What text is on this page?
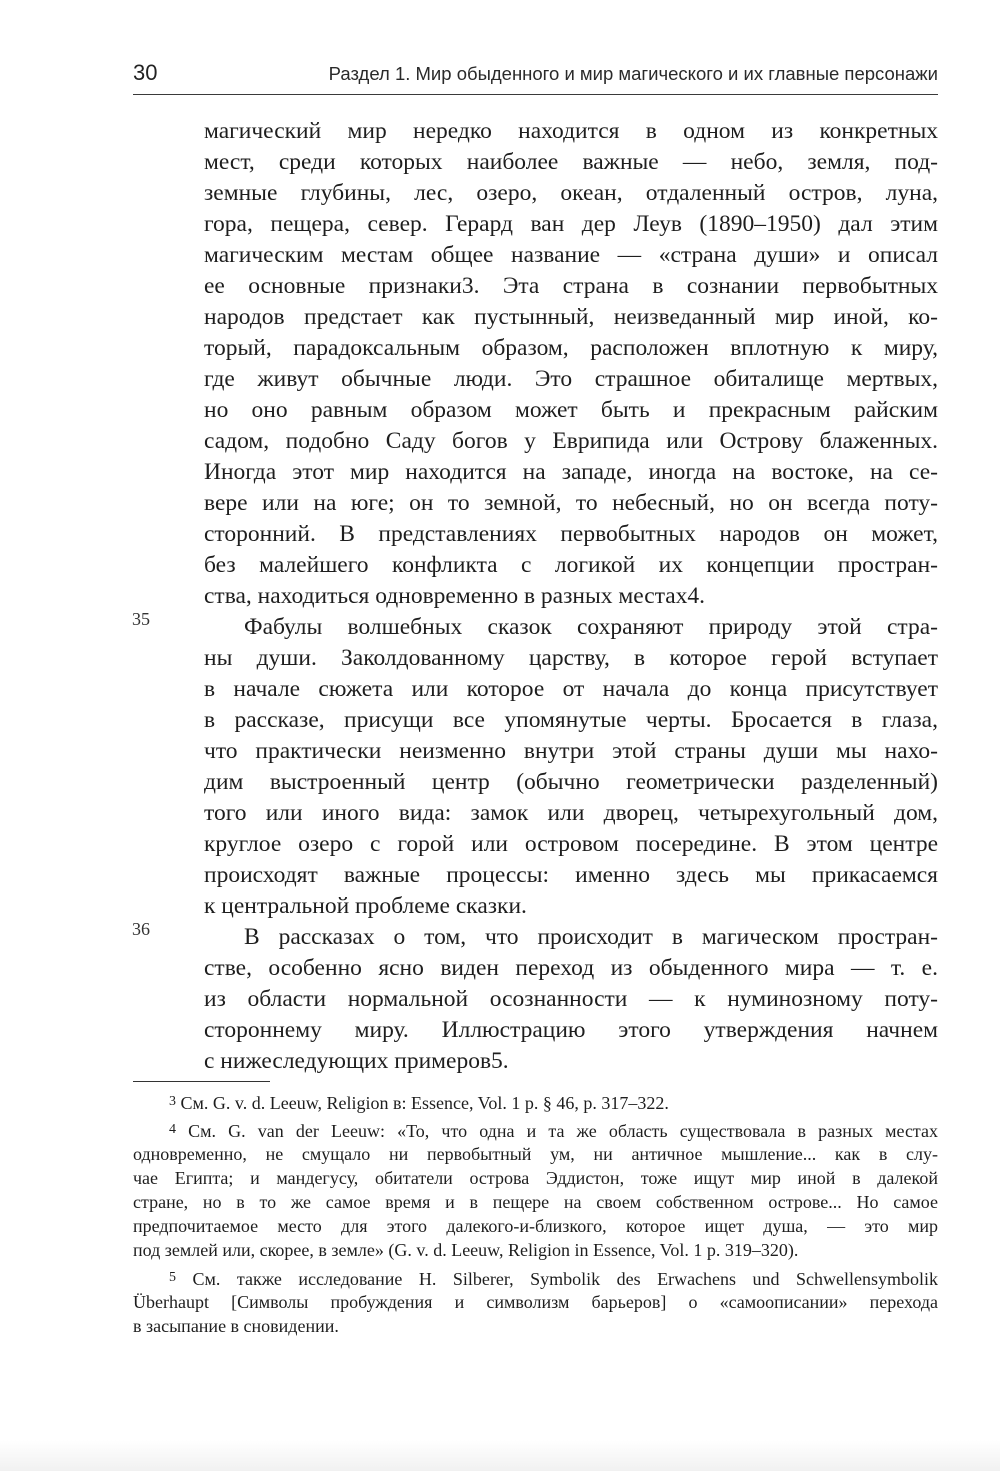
30	Раздел 1. Мир обыденного и мир магического и их главные персонажи
магический мир нередко находится в одном из конкретных
мест, среди которых наиболее важные — небо, земля, под-
земные глубины, лес, озеро, океан, отдаленный остров, луна,
гора, пещера, север. Герард ван дер Леув (1890–1950) дал этим
магическим местам общее название — «страна души» и описал
ее основные признаки3. Эта страна в сознании первобытных
народов предстает как пустынный, неизведанный мир иной, ко-
торый, парадоксальным образом, расположен вплотную к миру,
где живут обычные люди. Это страшное обиталище мертвых,
но оно равным образом может быть и прекрасным райским
садом, подобно Саду богов у Еврипида или Острову блаженных.
Иногда этот мир находится на западе, иногда на востоке, на се-
вере или на юге; он то земной, то небесный, но он всегда поту-
сторонний. В представлениях первобытных народов он может,
без малейшего конфликта с логикой их концепции простран-
ства, находиться одновременно в разных местах4.
Фабулы волшебных сказок сохраняют природу этой стра-
ны души. Заколдованному царству, в которое герой вступает
в начале сюжета или которое от начала до конца присутствует
в рассказе, присущи все упомянутые черты. Бросается в глаза,
что практически неизменно внутри этой страны души мы нахо-
дим выстроенный центр (обычно геометрически разделенный)
того или иного вида: замок или дворец, четырехугольный дом,
круглое озеро с горой или островом посередине. В этом центре
происходят важные процессы: именно здесь мы прикасаемся
к центральной проблеме сказки.
В рассказах о том, что происходит в магическом простран-
стве, особенно ясно виден переход из обыденного мира — т. е.
из области нормальной осознанности — к нуминозному поту-
стороннему миру. Иллюстрацию этого утверждения начнем
с нижеследующих примеров5.
35
36
$^3$ См. G. v. d. Leeuw, Religion в: Essence, Vol. 1 p. § 46, p. 317–322.
$^4$ См. G. van der Leeuw: «То, что одна и та же область существовала в разных местах
одновременно, не смущало ни первобытный ум, ни античное мышление... как в слу-
чае Египта; и мандегусу, обитатели острова Эддистон, тоже ищут мир иной в далекой
стране, но в то же самое время и в пещере на своем собственном острове... Но самое
предпочитаемое место для этого далекого-и-близкого, которое ищет душа, — это мир
под землей или, скорее, в земле» (G. v. d. Leeuw, Religion in Essence, Vol. 1 p. 319–320).
$^5$ См. также исследование H. Silberer, Symbolik des Erwachens und Schwellensymbolik
Überhaupt [Символы пробуждения и символизм барьеров] о «самоописании» перехода
в засыпание в сновидении.
